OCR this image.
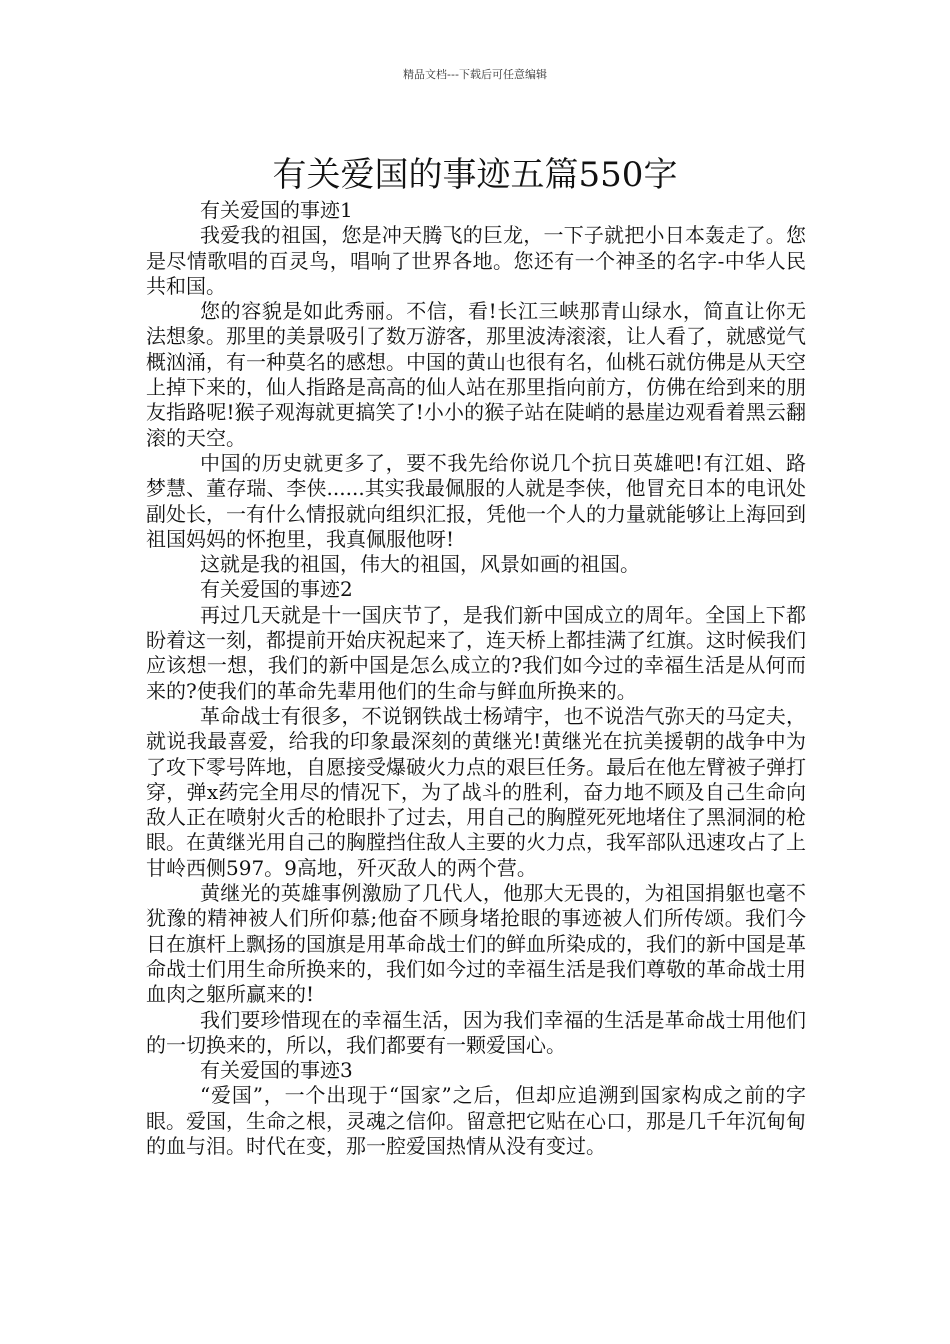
精品文档---下载后可任意编辑
有关爱国的事迹五篇550字

有关爱国的事迹1

我爱我的祖国，您是冲天腾飞的巨龙，一下子就把小日本轰走了。您是尽情歌唱的百灵鸟，唱响了世界各地。您还有一个神圣的名字-中华人民共和国。

您的容貌是如此秀丽。不信，看!长江三峡那青山绿水，简直让你无法想象。那里的美景吸引了数万游客，那里波涛滚滚，让人看了，就感觉气概汹涌，有一种莫名的感想。中国的黄山也很有名，仙桃石就仿佛是从天空上掉下来的，仙人指路是高高的仙人站在那里指向前方，仿佛在给到来的朋友指路呢!猴子观海就更搞笑了!小小的猴子站在陡峭的悬崖边观看着黑云翻滚的天空。

中国的历史就更多了，要不我先给你说几个抗日英雄吧!有江姐、路梦慧、董存瑞、李侠......其实我最佩服的人就是李侠，他冒充日本的电讯处副处长，一有什么情报就向组织汇报，凭他一个人的力量就能够让上海回到祖国妈妈的怀抱里，我真佩服他呀!

这就是我的祖国，伟大的祖国，风景如画的祖国。

有关爱国的事迹2

再过几天就是十一国庆节了，是我们新中国成立的周年。全国上下都盼着这一刻，都提前开始庆祝起来了，连天桥上都挂满了红旗。这时候我们应该想一想，我们的新中国是怎么成立的?我们如今过的幸福生活是从何而来的?使我们的革命先辈用他们的生命与鲜血所换来的。

革命战士有很多，不说钢铁战士杨靖宇，也不说浩气弥天的马定夫，就说我最喜爱，给我的印象最深刻的黄继光!黄继光在抗美援朝的战争中为了攻下零号阵地，自愿接受爆破火力点的艰巨任务。最后在他左臂被子弹打穿，弹x药完全用尽的情况下，为了战斗的胜利，奋力地不顾及自己生命向敌人正在喷射火舌的枪眼扑了过去，用自己的胸膛死死地堵住了黑洞洞的枪眼。在黄继光用自己的胸膛挡住敌人主要的火力点，我军部队迅速攻占了上甘岭西侧597。9高地，歼灭敌人的两个营。

黄继光的英雄事例激励了几代人，他那大无畏的，为祖国捐躯也毫不犹豫的精神被人们所仰慕;他奋不顾身堵抢眼的事迹被人们所传颂。我们今日在旗杆上飘扬的国旗是用革命战士们的鲜血所染成的，我们的新中国是革命战士们用生命所换来的，我们如今过的幸福生活是我们尊敬的革命战士用血肉之躯所赢来的!

我们要珍惜现在的幸福生活，因为我们幸福的生活是革命战士用他们的一切换来的，所以，我们都要有一颗爱国心。

有关爱国的事迹3

“爱国”，一个出现于“国家”之后，但却应追溯到国家构成之前的字眼。爱国，生命之根，灵魂之信仰。留意把它贴在心口，那是几千年沉甸甸的血与泪。时代在变，那一腔爱国热情从没有变过。
